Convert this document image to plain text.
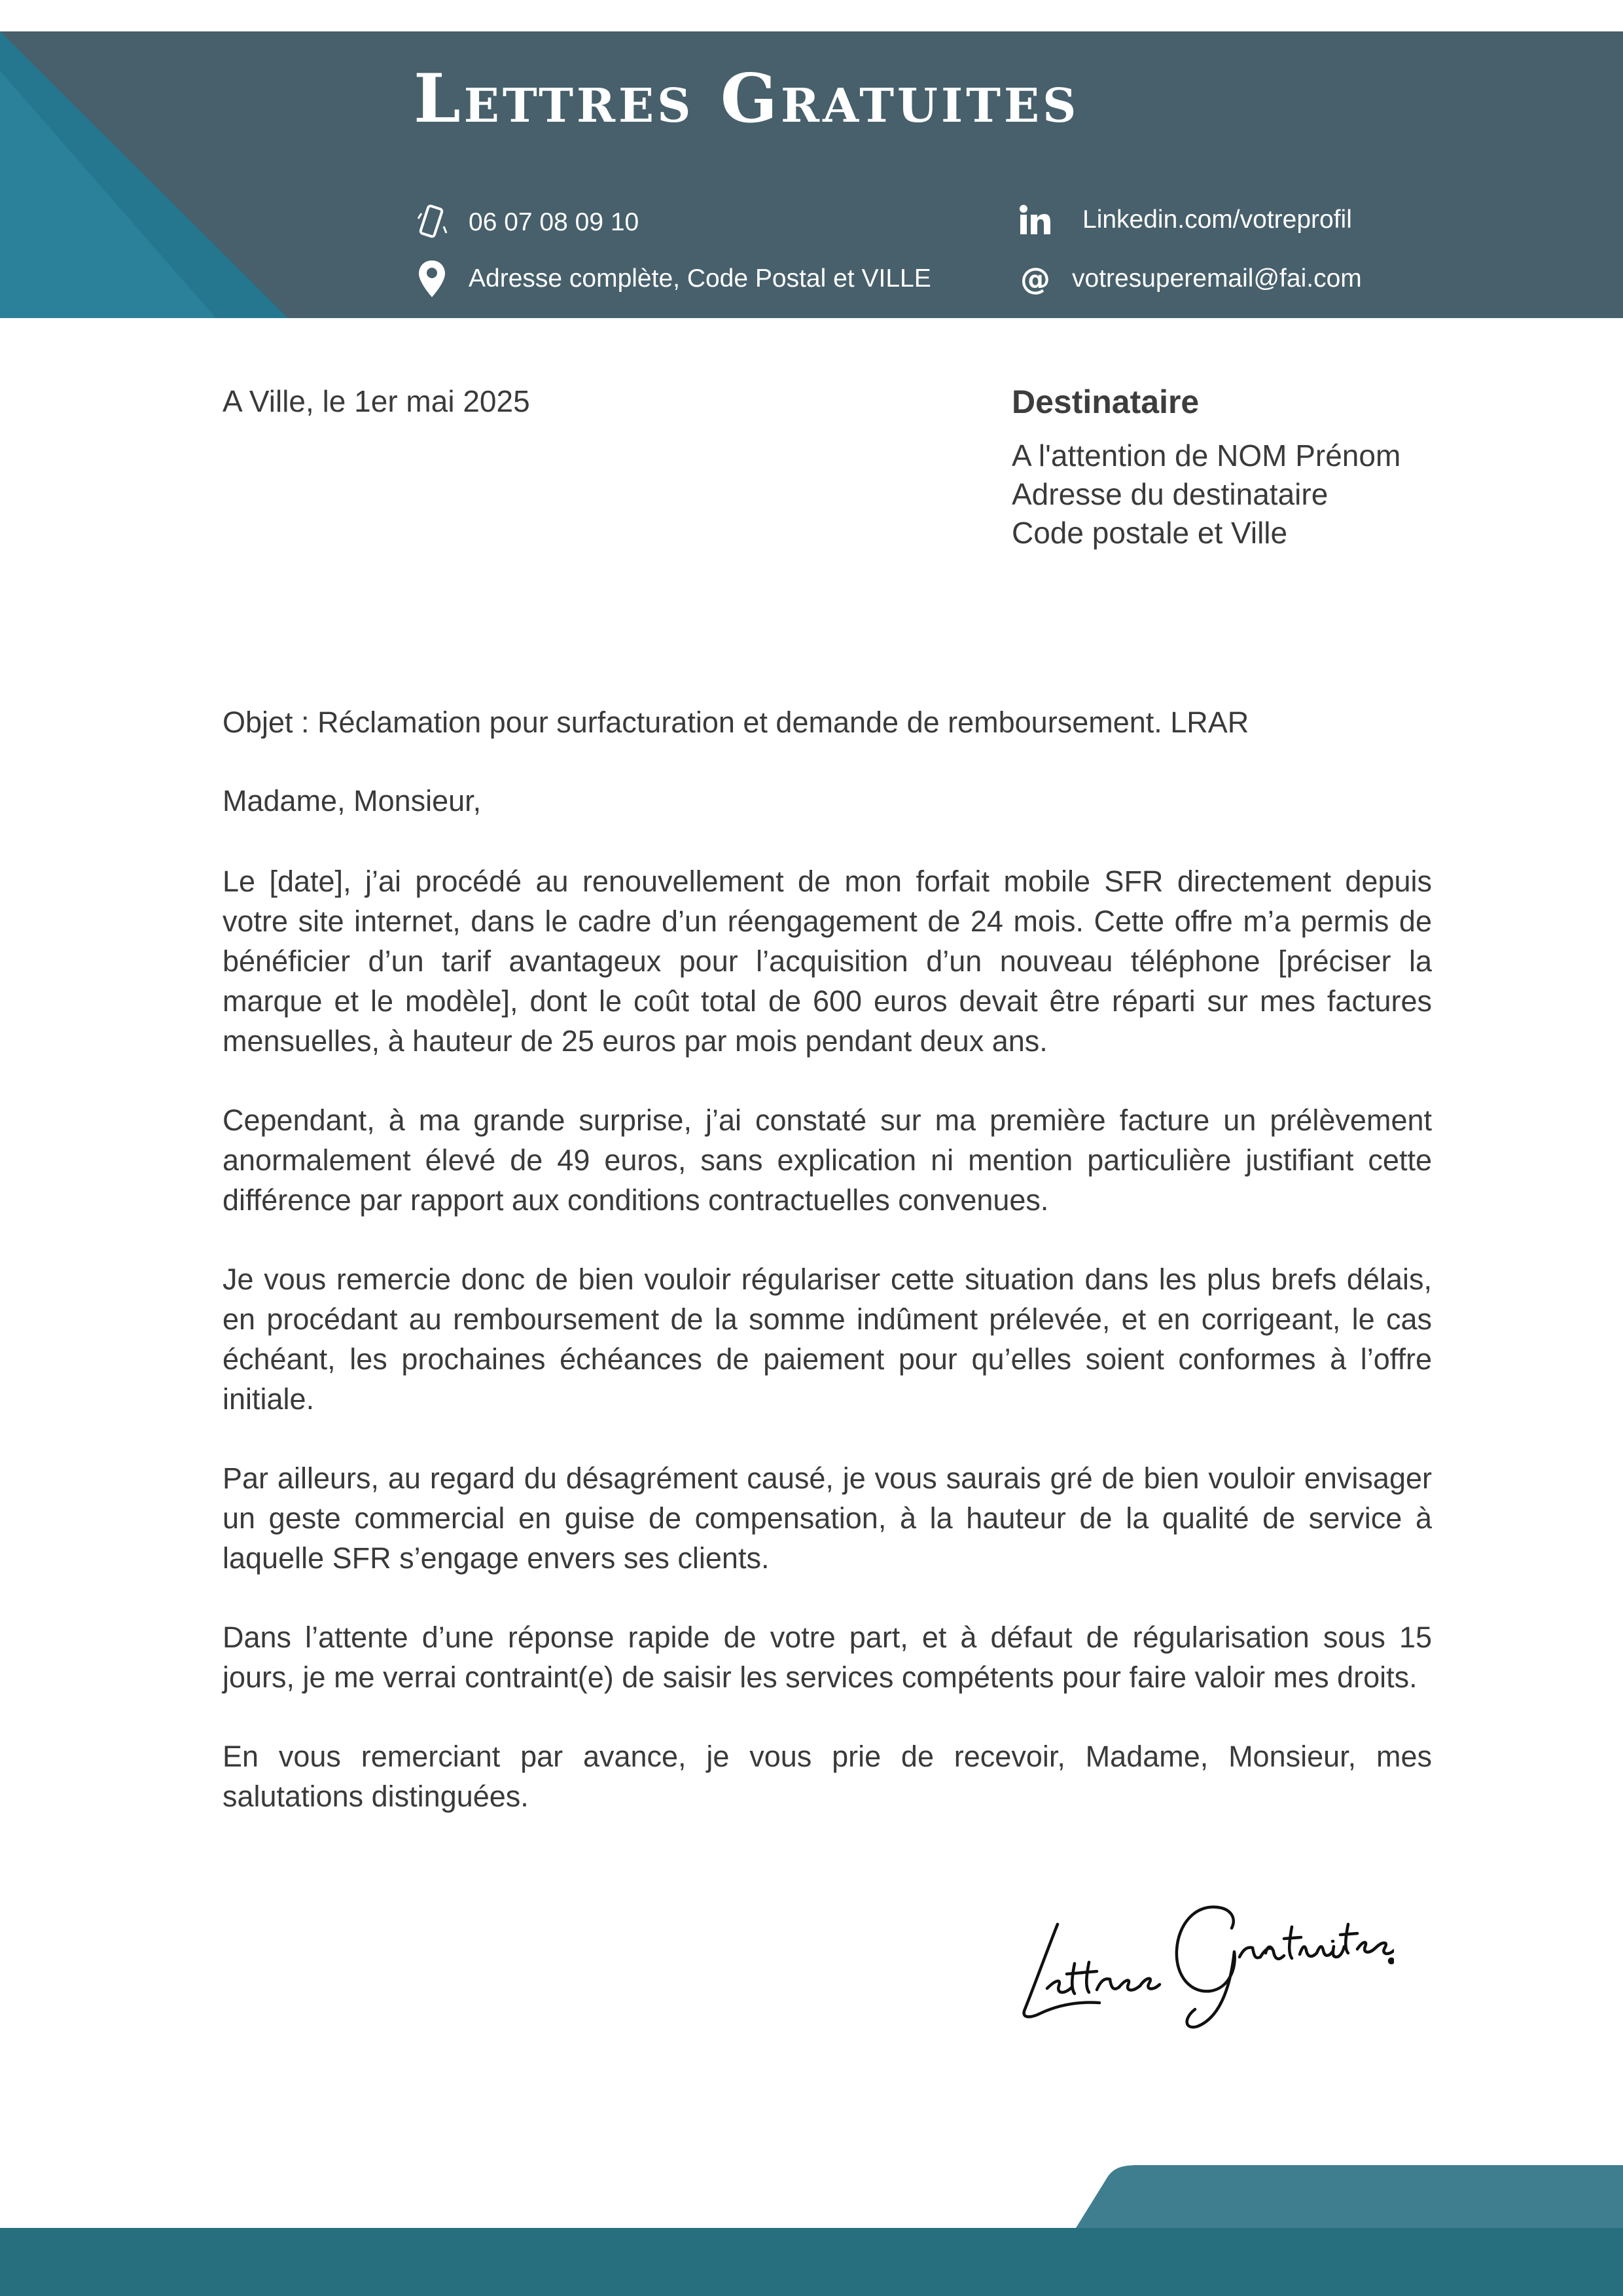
Lettres Gratuites
06 07 08 09 10
Adresse complète, Code Postal et VILLE
Linkedin.com/votreprofil
@ votresuperemail@fai.com
A Ville, le 1er mai 2025	Destinataire
A l'attention de NOM Prénom
Adresse du destinataire
Code postale et Ville
Objet : Réclamation pour surfacturation et demande de remboursement. LRAR
Madame, Monsieur,

Le [date], j’ai procédé au renouvellement de mon forfait mobile SFR directement depuis votre site internet, dans le cadre d’un réengagement de 24 mois. Cette offre m’a permis de bénéficier d’un tarif avantageux pour l’acquisition d’un nouveau téléphone [préciser la marque et le modèle], dont le coût total de 600 euros devait être réparti sur mes factures mensuelles, à hauteur de 25 euros par mois pendant deux ans.

Cependant, à ma grande surprise, j’ai constaté sur ma première facture un prélèvement anormalement élevé de 49 euros, sans explication ni mention particulière justifiant cette différence par rapport aux conditions contractuelles convenues.

Je vous remercie donc de bien vouloir régulariser cette situation dans les plus brefs délais, en procédant au remboursement de la somme indûment prélevée, et en corrigeant, le cas échéant, les prochaines échéances de paiement pour qu’elles soient conformes à l’offre initiale.

Par ailleurs, au regard du désagrément causé, je vous saurais gré de bien vouloir envisager un geste commercial en guise de compensation, à la hauteur de la qualité de service à laquelle SFR s’engage envers ses clients.

Dans l’attente d’une réponse rapide de votre part, et à défaut de régularisation sous 15 jours, je me verrai contraint(e) de saisir les services compétents pour faire valoir mes droits.

En vous remerciant par avance, je vous prie de recevoir, Madame, Monsieur, mes salutations distinguées.
